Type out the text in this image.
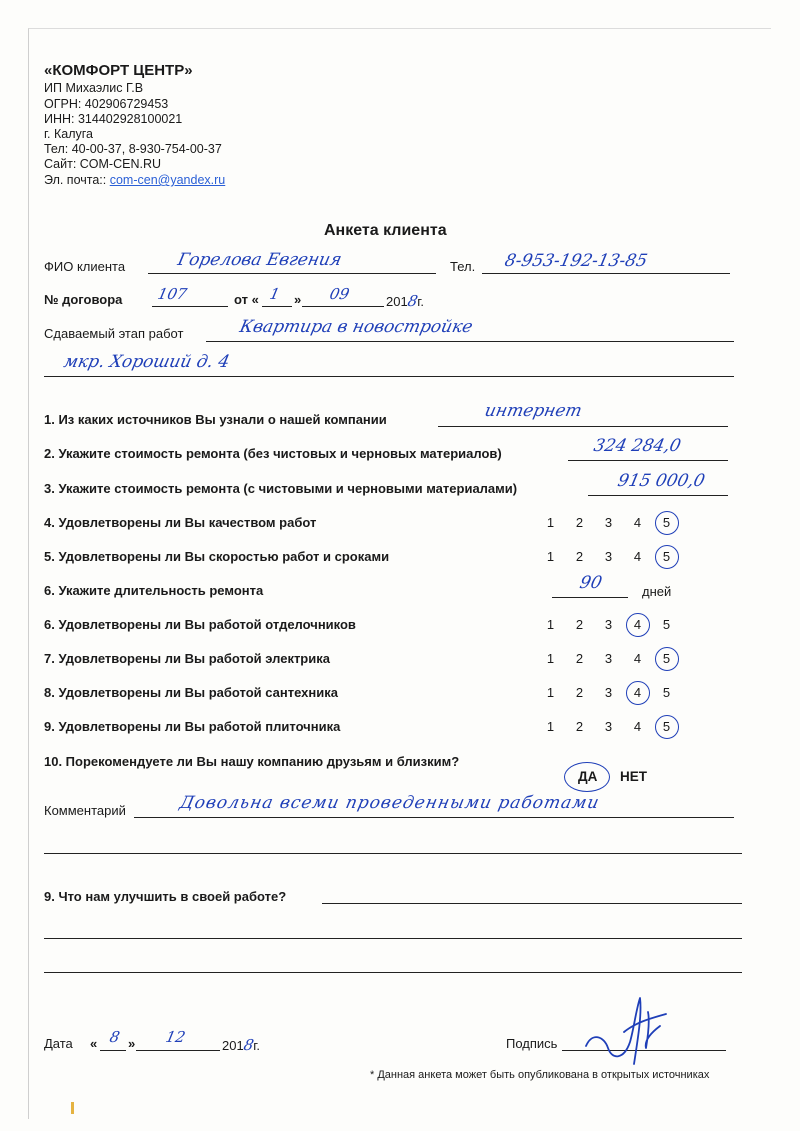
«КОМФОРТ ЦЕНТР»
ИП Михаэлис Г.В
ОГРН: 402906729453
ИНН: 314402928100021
г. Калуга
Тел: 40-00-37, 8-930-754-00-37
Сайт: COM-CEN.RU
Эл. почта:: com-cen@yandex.ru
Анкета клиента
ФИО клиента	Горелова Евгения	Тел. 8-953-192-13-85
№ договора 107	от « 1 » 09	2018г.
Сдаваемый этап работ	Квартира в новостройке
мкр. Хороший д. 4
1. Из каких источников Вы узнали о нашей компании	интернет
2. Укажите стоимость ремонта (без чистовых и черновых материалов)	324 284,0
3. Укажите стоимость ремонта (с чистовыми и черновыми материалами)	915 000,0
4. Удовлетворены ли Вы качеством работ	1 2 3 4 5
5. Удовлетворены ли Вы скоростью работ и сроками	1 2 3 4 5
6. Укажите длительность ремонта	90	дней
6. Удовлетворены ли Вы работой отделочников	1 2 3 4 5
7. Удовлетворены ли Вы работой электрика	1 2 3 4 5
8. Удовлетворены ли Вы работой сантехника	1 2 3 4 5
9. Удовлетворены ли Вы работой плиточника	1 2 3 4 5
10. Порекомендуете ли Вы нашу компанию друзьям и близким?
ДА НЕТ
Комментарий	Довольна всеми проведенными работами
9. Что нам улучшить в своей работе?
Дата « 8 » 12	2018г.	Подпись
* Данная анкета может быть опубликована в открытых источниках
